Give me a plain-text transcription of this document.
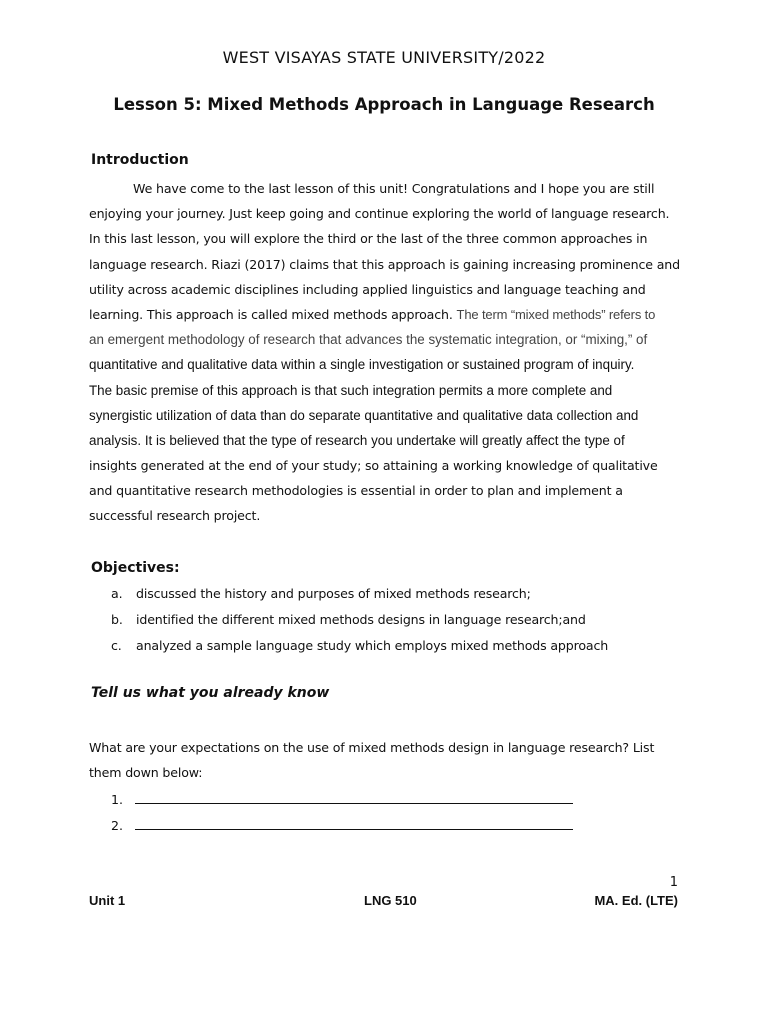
WEST VISAYAS STATE UNIVERSITY/2022
Lesson 5: Mixed Methods Approach in Language Research
Introduction
We have come to the last lesson of this unit! Congratulations and I hope you are still
enjoying your journey. Just keep going and continue exploring the world of language research.
In this last lesson, you will explore the third or the last of the three common approaches in
language research. Riazi (2017) claims that this approach is gaining increasing prominence and
utility across academic disciplines including applied linguistics and language teaching and
learning. This approach is called mixed methods approach. The term “mixed methods” refers to
an emergent methodology of research that advances the systematic integration, or “mixing,” of
quantitative and qualitative data within a single investigation or sustained program of inquiry.
The basic premise of this approach is that such integration permits a more complete and
synergistic utilization of data than do separate quantitative and qualitative data collection and
analysis. It is believed that the type of research you undertake will greatly affect the type of
insights generated at the end of your study; so attaining a working knowledge of qualitative
and quantitative research methodologies is essential in order to plan and implement a
successful research project.
Objectives:
a. discussed the history and purposes of mixed methods research;
b. identified the different mixed methods designs in language research;and
c. analyzed a sample language study which employs mixed methods approach
Tell us what you already know
What are your expectations on the use of mixed methods design in language research? List
them down below:
1.
2.
1
Unit 1	LNG 510	MA. Ed. (LTE)
